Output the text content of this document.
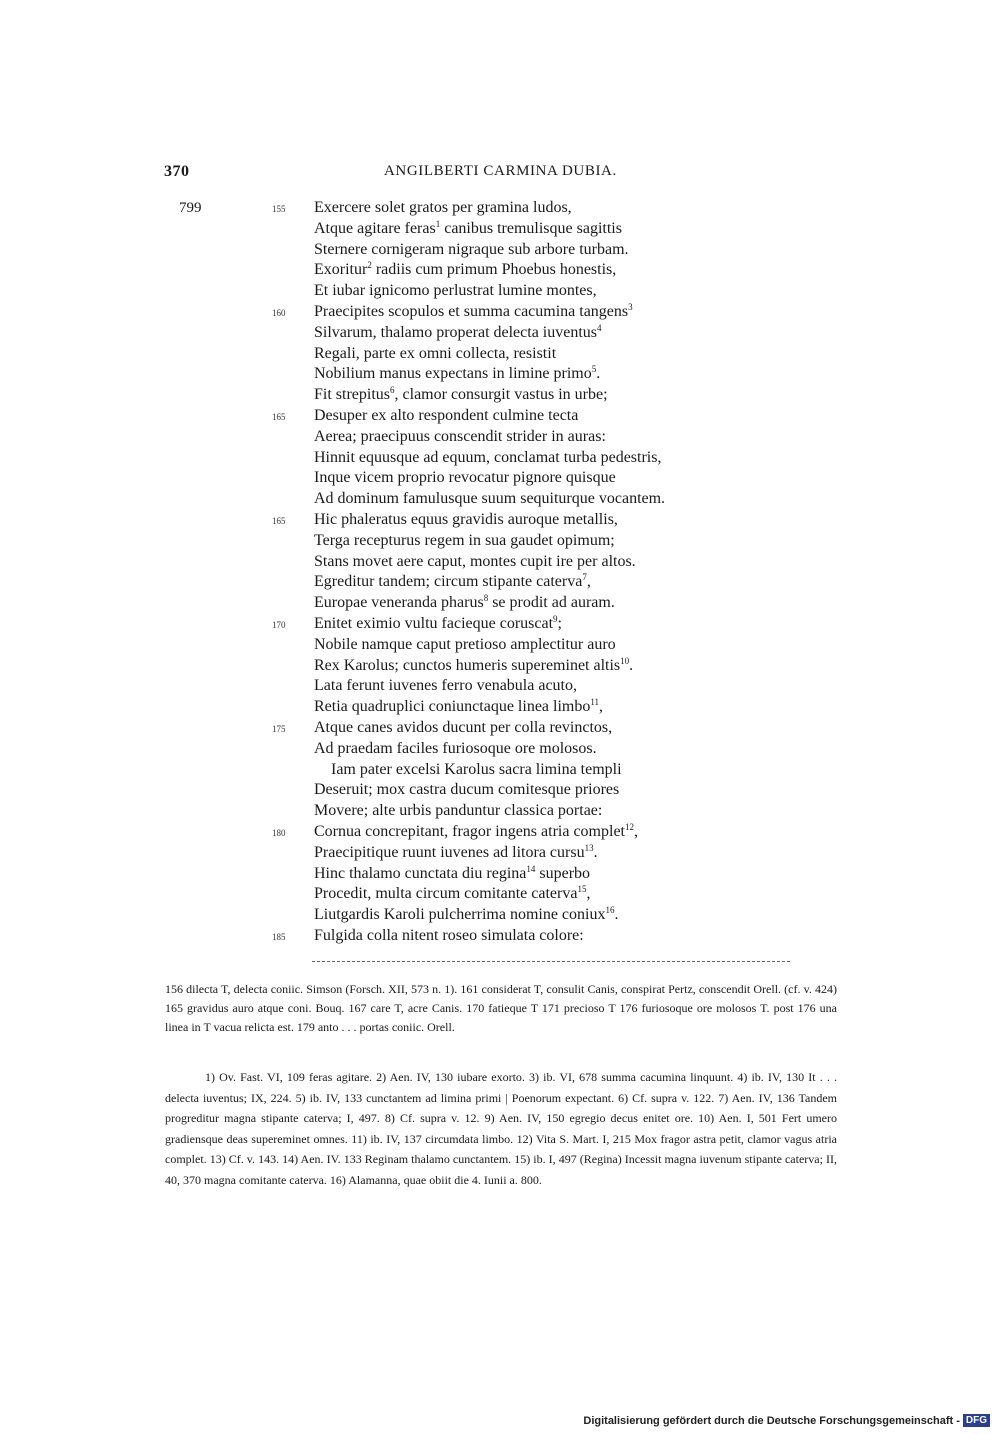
370	ANGILBERTI CARMINA DUBIA.
799	155 Exercere solet gratos per gramina ludos,
Atque agitare feras$^1$ canibus tremulisque sagittis
Sternere cornigeram nigraque sub arbore turbam.
Exoritur$^2$ radiis cum primum Phoebus honestis,
Et iubar ignicomo perlustrat lumine montes,
160 Praecipites scopulos et summa cacumina tangens$^3$
Silvarum, thalamo properat delecta iuventus$^4$
Regali, parte ex omni collecta, resistit
Nobilium manus expectans in limine primo$^5$.
Fit strepitus$^6$, clamor consurgit vastus in urbe;
165 Desuper ex alto respondent culmine tecta
Aerea; praecipuus conscendit strider in auras:
Hinnit equusque ad equum, conclamat turba pedestris,
Inque vicem proprio revocatur pignore quisque
Ad dominum famulusque suum sequiturque vocantem.
165 Hic phaleratus equus gravidis auroque metallis,
Terga recepturus regem in sua gaudet opimum;
Stans movet aere caput, montes cupit ire per altos.
Egreditur tandem; circum stipante caterva$^7$,
Europae veneranda pharus$^8$ se prodit ad auram.
170 Enitet eximio vultu facieque coruscat$^9$;
Nobile namque caput pretioso amplectitur auro
Rex Karolus; cunctos humeris supereminet altis$^{10}$.
Lata ferunt iuvenes ferro venabula acuto,
Retia quadruplici coniunctaque linea limbo$^{11}$,
175 Atque canes avidos ducunt per colla revinctos,
Ad praedam faciles furiosoque ore molosos.
Iam pater excelsi Karolus sacra limina templi
Deseruit; mox castra ducum comitesque priores
Movere; alte urbis panduntur classica portae:
180 Cornua concrepitant, fragor ingens atria complet$^{12}$,
Praecipitique ruunt iuvenes ad litora cursu$^{13}$.
Hinc thalamo cunctata diu regina$^{14}$ superbo
Procedit, multa circum comitante caterva$^{15}$,
Liutgardis Karoli pulcherrima nomine coniux$^{16}$.
185 Fulgida colla nitent roseo simulata colore:
156 dilecta T, delecta coniic. Simson (Forsch. XII, 573 n. 1). 161 considerat T, consulit Canis, conspirat Pertz, conscendit Orell. (cf. v. 424) 165 gravidus auro atque coni. Bouq. 167 care T, acre Canis. 170 fatieque T 171 precioso T 176 furiosoque ore molosos T. post 176 una linea in T vacua relicta est. 179 anto . . . portas coniic. Orell.
1) Ov. Fast. VI, 109 feras agitare. 2) Aen. IV, 130 iubare exorto. 3) ib. VI, 678 summa cacumina linquunt. 4) ib. IV, 130 It . . . delecta iuventus; IX, 224. 5) ib. IV, 133 cunctantem ad limina primi | Poenorum expectant. 6) Cf. supra v. 122. 7) Aen. IV, 136 Tandem progreditur magna stipante caterva; I, 497. 8) Cf. supra v. 12. 9) Aen. IV, 150 egregio decus enitet ore. 10) Aen. I, 501 Fert umero gradiensque deas supereminet omnes. 11) ib. IV, 137 circumdata limbo. 12) Vita S. Mart. I, 215 Mox fragor astra petit, clamor vagus atria complet. 13) Cf. v. 143. 14) Aen. IV. 133 Reginam thalamo cunctantem. 15) ib. I, 497 (Regina) Incessit magna iuvenum stipante caterva; II, 40, 370 magna comitante caterva. 16) Alamanna, quae obiit die 4. Iunii a. 800.
Digitalisierung gefördert durch die Deutsche Forschungsgemeinschaft - DFG
